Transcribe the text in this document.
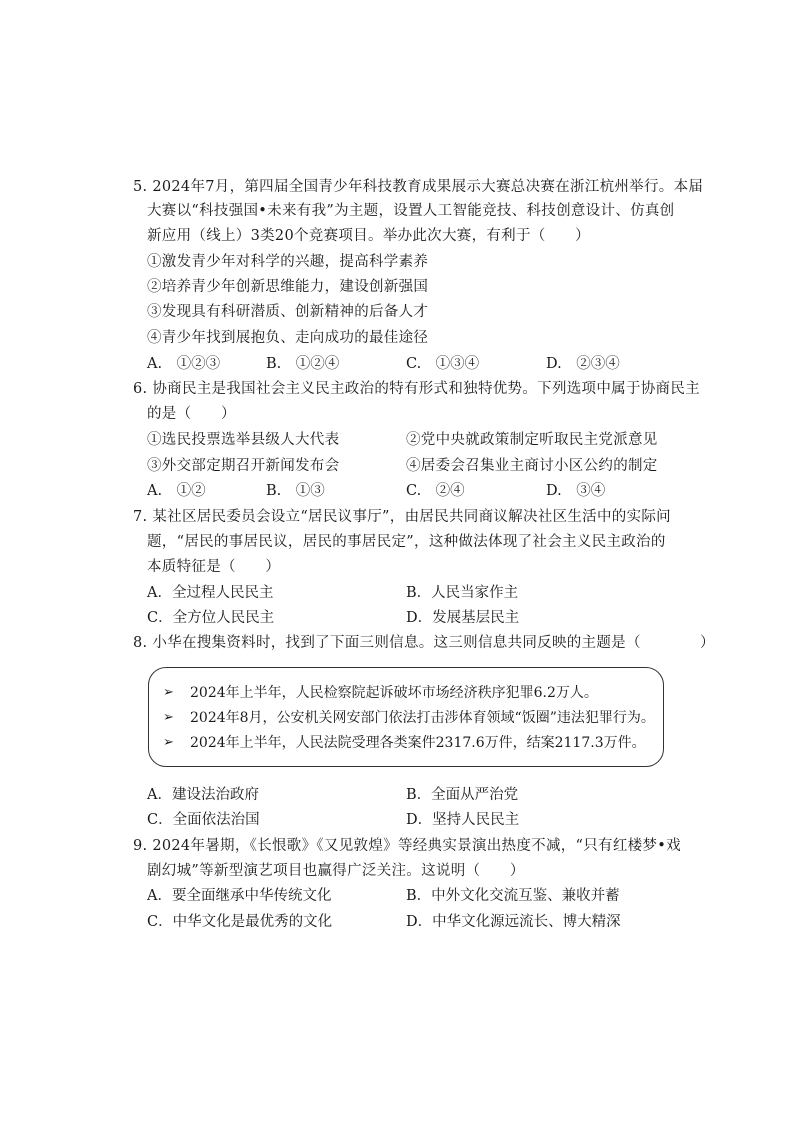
5. 2024年7月，第四届全国青少年科技教育成果展示大赛总决赛在浙江杭州举行。本届
大赛以“科技强国•未来有我”为主题，设置人工智能竞技、科技创意设计、仿真创
新应用（线上）3类20个竞赛项目。举办此次大赛，有利于（　　）
①激发青少年对科学的兴趣，提高科学素养
②培养青少年创新思维能力，建设创新强国
③发现具有科研潜质、创新精神的后备人才
④青少年找到展抱负、走向成功的最佳途径
A.　①②③	B.　①②④	C.　①③④	D.　②③④
6. 协商民主是我国社会主义民主政治的特有形式和独特优势。下列选项中属于协商民主
的是（　　）
①选民投票选举县级人大代表	②党中央就政策制定听取民主党派意见
③外交部定期召开新闻发布会	④居委会召集业主商讨小区公约的制定
A.　①②	B.　①③	C.　②④	D.　③④
7. 某社区居民委员会设立“居民议事厅”，由居民共同商议解决社区生活中的实际问
题，“居民的事居民议，居民的事居民定”，这种做法体现了社会主义民主政治的
本质特征是（　　）
A．全过程人民民主	B．人民当家作主
C．全方位人民民主	D．发展基层民主
8. 小华在搜集资料时，找到了下面三则信息。这三则信息共同反映的主题是（　　　　）
➢ 2024年上半年，人民检察院起诉破坏市场经济秩序犯罪6.2万人。
➢ 2024年8月，公安机关网安部门依法打击涉体育领域“饭圈”违法犯罪行为。
➢ 2024年上半年，人民法院受理各类案件2317.6万件，结案2117.3万件。
A．建设法治政府	B．全面从严治党
C．全面依法治国	D．坚持人民民主
9. 2024年暑期，《长恨歌》《又见敦煌》等经典实景演出热度不减，“只有红楼梦•戏
剧幻城”等新型演艺项目也赢得广泛关注。这说明（　　）
A．要全面继承中华传统文化	B．中外文化交流互鉴、兼收并蓄
C．中华文化是最优秀的文化	D．中华文化源远流长、博大精深
